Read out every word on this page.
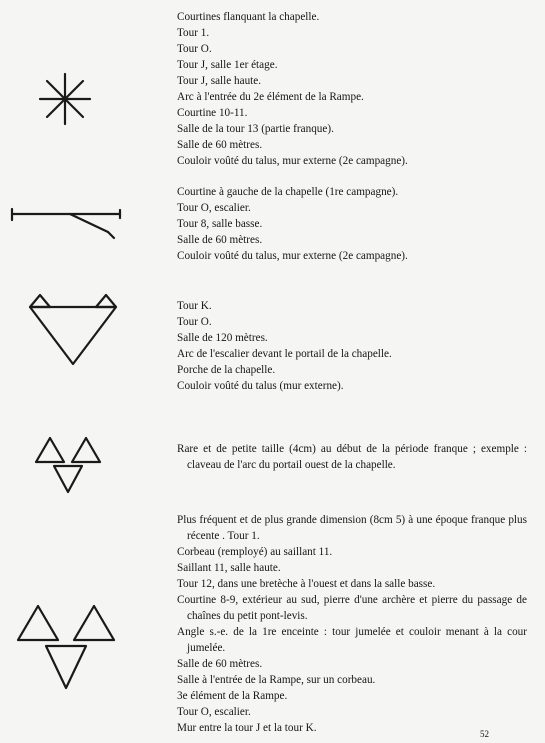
Courtines flanquant la chapelle.
Tour 1.
Tour O.
Tour J, salle 1er étage.
Tour J, salle haute.
Arc à l'entrée du 2e élément de la Rampe.
Courtine 10-11.
Salle de la tour 13 (partie franque).
Salle de 60 mètres.
Couloir voûté du talus, mur externe (2e campagne).
Courtine à gauche de la chapelle (1re campagne).
Tour O, escalier.
Tour 8, salle basse.
Salle de 60 mètres.
Couloir voûté du talus, mur externe (2e campagne).
Tour K.
Tour O.
Salle de 120 mètres.
Arc de l'escalier devant le portail de la chapelle.
Porche de la chapelle.
Couloir voûté du talus (mur externe).
Rare et de petite taille (4cm) au début de la période franque ; exemple : claveau de l'arc du portail ouest de la chapelle.
Plus fréquent et de plus grande dimension (8cm 5) à une époque franque plus récente . Tour 1.
Corbeau (remployé) au saillant 11.
Saillant 11, salle haute.
Tour 12, dans une bretèche à l'ouest et dans la salle basse.
Courtine 8-9, extérieur au sud, pierre d'une archère et pierre du passage de chaînes du petit pont-levis.
Angle s.-e. de la 1re enceinte : tour jumelée et couloir menant à la cour jumelée.
Salle de 60 mètres.
Salle à l'entrée de la Rampe, sur un corbeau.
3e élément de la Rampe.
Tour O, escalier.
Mur entre la tour J et la tour K.	52
